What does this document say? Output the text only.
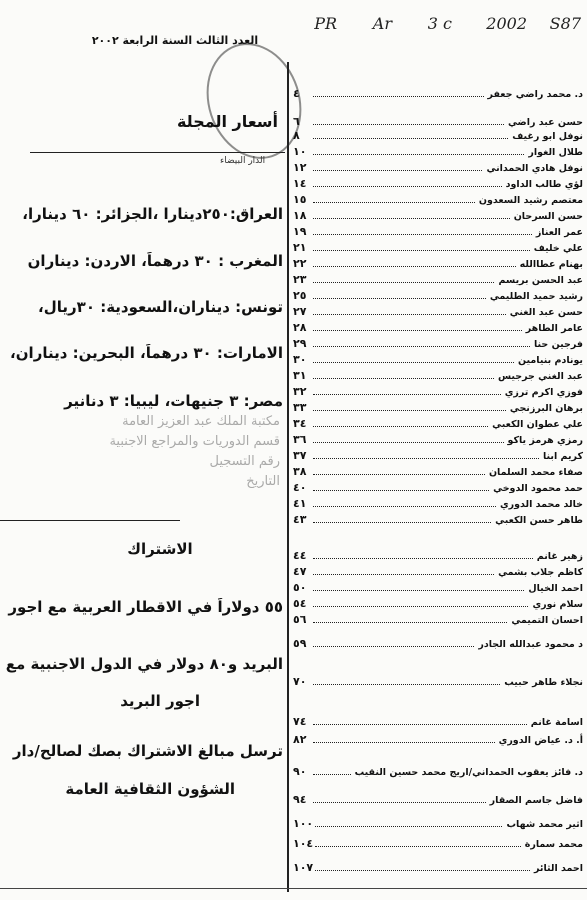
PR Ar 3 c 2002 S87
العدد الثالث السنة الرابعة ٢٠٠٢
الدار البيضاء
أسعار المجلة
العراق:٢٥٠دينارا ،الجزائر: ٦٠ دينارا،
المغرب : ٣٠ درهماً، الاردن: ديناران
تونس: ديناران،السعودية: ٣٠ريال،
الامارات: ٣٠ درهماً، البحرين: ديناران،
مصر: ٣ جنيهات، ليبيا: ٣ دنانير
مكتبة الملك عبد العزيز العامة
قسم الدوريات والمراجع الاجنبية
رقم التسجيل
التاريخ
الاشتراك
٥٥ دولاراً في الاقطار العربية مع اجور
البريد و٨٠ دولار في الدول الاجنبية مع
اجور البريد
ترسل مبالغ الاشتراك بصك لصالح/دار
الشؤون الثقافية العامة
د. محمد راضي جعفر
٤
حسن عبد راضي
٦
نوفل ابو رغيف
٨
طلال الغوار
١٠
نوفل هادي الحمداني
١٢
لؤي طالب الداود
١٤
معتصم رشيد السعدون
١٥
حسن السرحان
١٨
عمر العناز
١٩
علي خليف
٢١
بهنام عطاالله
٢٢
عبد الحسن بريسم
٢٣
رشيد حميد الطليمي
٢٥
حسن عبد الغني
٢٧
عامر الطاهر
٢٨
فرجين حنا
٢٩
يونادم بنيامين
٣٠
عبد الغني جرجيس
٣١
فوزي اكرم ترزي
٣٢
برهان البرزنجي
٣٣
علي عطوان الكعبي
٣٤
رمزي هرمز ياكو
٣٦
كريم ابنا
٣٧
صفاء محمد السلمان
٣٨
حمد محمود الدوخي
٤٠
خالد محمد الدوري
٤١
طاهر حسن الكعبي
٤٣
زهير غانم
٤٤
كاظم جلاب بشمي
٤٧
احمد الخيال
٥٠
سلام نوري
٥٤
احسان التميمي
٥٦
د محمود عبدالله الجادر
٥٩
نجلاء طاهر حبيب
٧٠
اسامة غانم
٧٤
أ. د. عياض الدوري
٨٢
د. فائز يعقوب الحمداني/اريج محمد حسين النقيب
٩٠
فاضل جاسم الصقار
٩٤
اثير محمد شهاب
١٠٠
محمد سمارة
١٠٤
احمد الثائر
١٠٧
